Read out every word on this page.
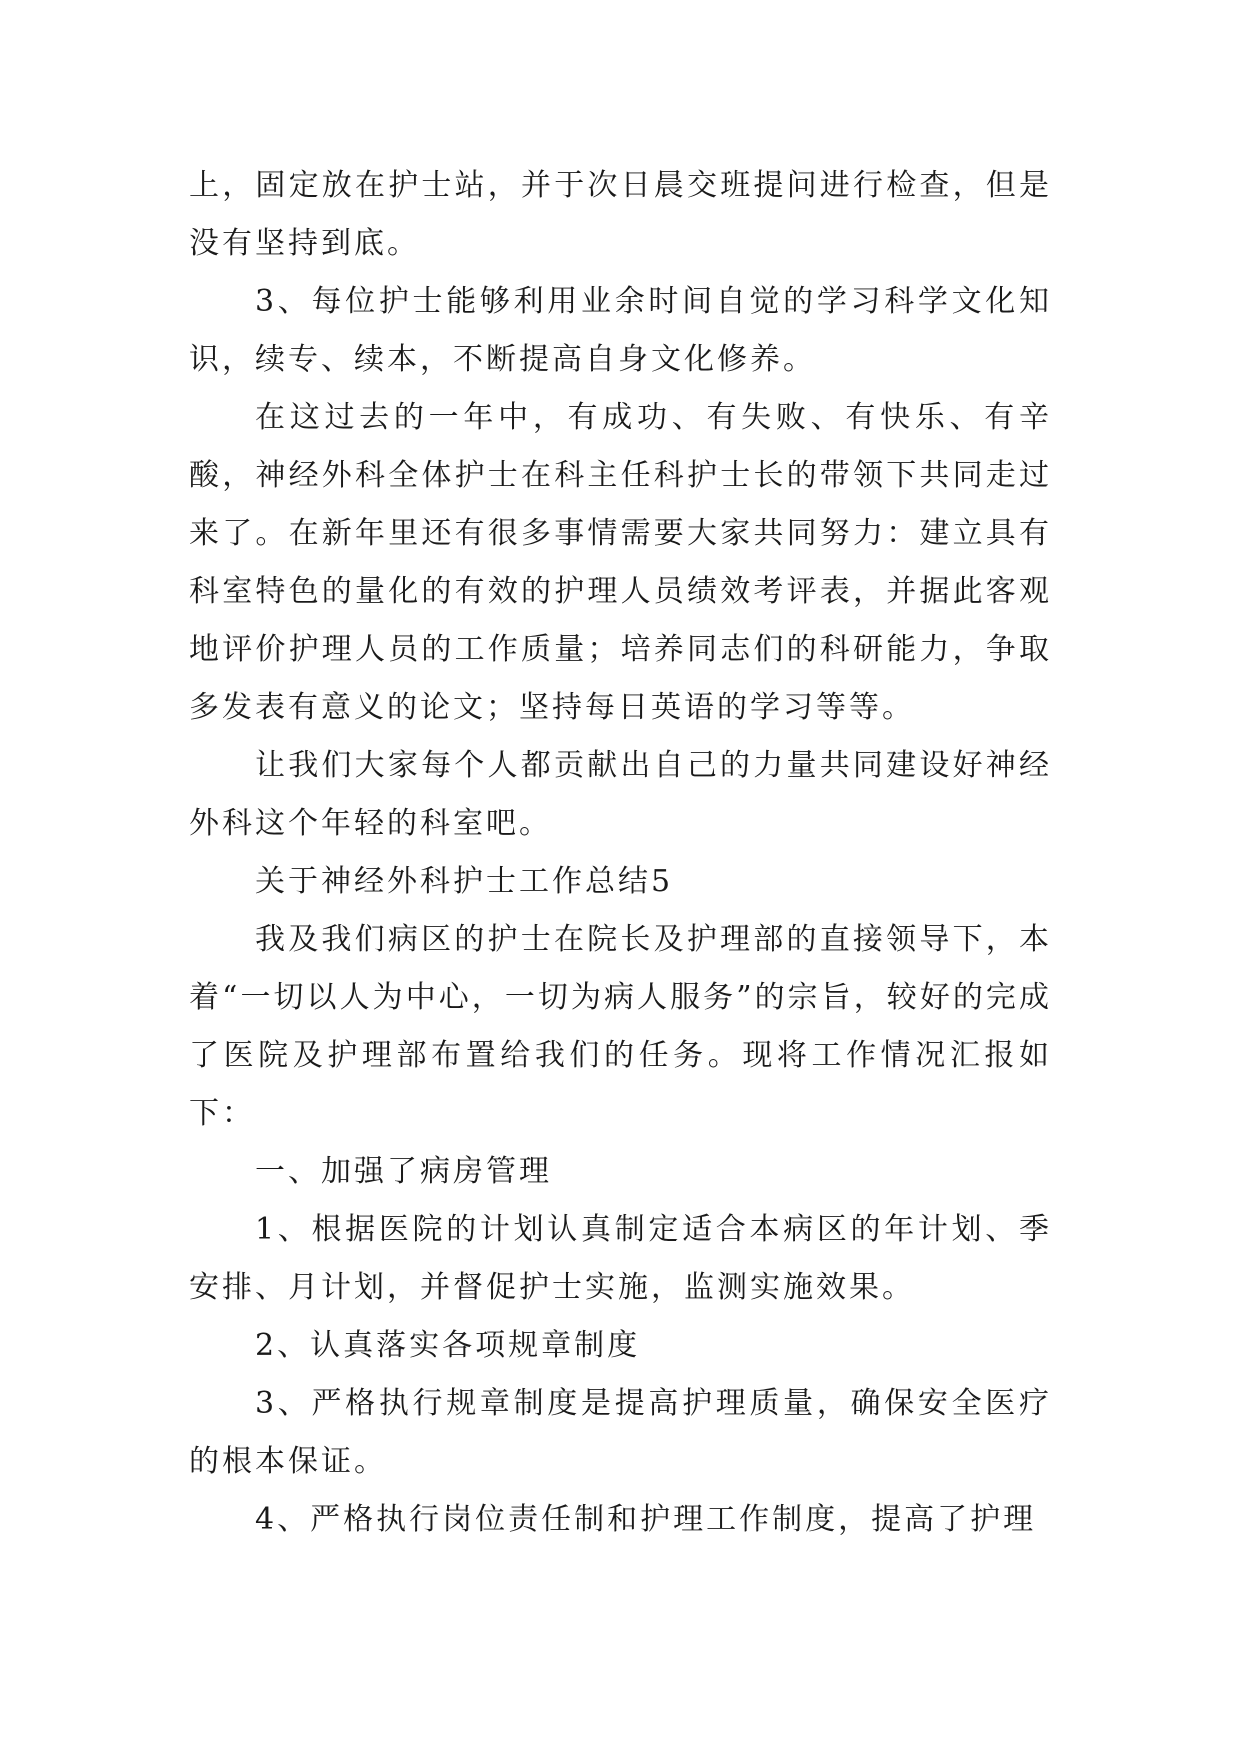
上，固定放在护士站，并于次日晨交班提问进行检查，但是没有坚持到底。

3、每位护士能够利用业余时间自觉的学习科学文化知识，续专、续本，不断提高自身文化修养。

在这过去的一年中，有成功、有失败、有快乐、有辛酸，神经外科全体护士在科主任科护士长的带领下共同走过来了。在新年里还有很多事情需要大家共同努力：建立具有科室特色的量化的有效的护理人员绩效考评表，并据此客观地评价护理人员的工作质量；培养同志们的科研能力，争取多发表有意义的论文；坚持每日英语的学习等等。

让我们大家每个人都贡献出自己的力量共同建设好神经外科这个年轻的科室吧。

关于神经外科护士工作总结5

我及我们病区的护士在院长及护理部的直接领导下，本着“一切以人为中心，一切为病人服务”的宗旨，较好的完成了医院及护理部布置给我们的任务。现将工作情况汇报如下：

一、加强了病房管理

1、根据医院的计划认真制定适合本病区的年计划、季安排、月计划，并督促护士实施，监测实施效果。

2、认真落实各项规章制度

3、严格执行规章制度是提高护理质量，确保安全医疗的根本保证。

4、严格执行岗位责任制和护理工作制度，提高了护理
